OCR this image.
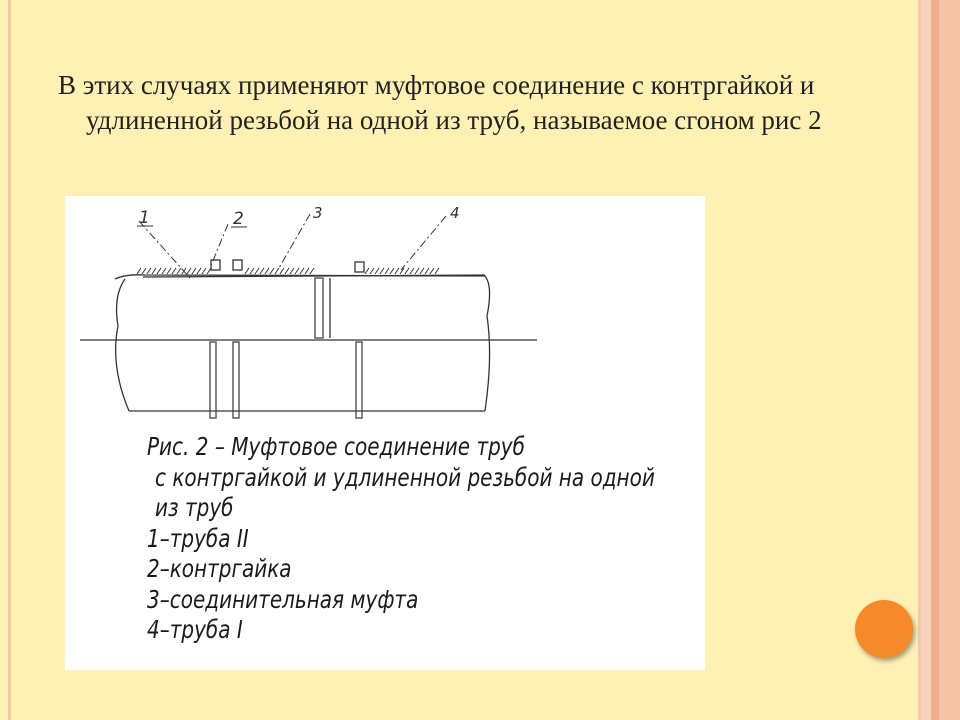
В этих случаях применяют муфтовое соединение с контргайкой и удлиненной резьбой на одной из труб, называемое сгоном рис 2

1	2	3	4
Рис. 2 – Муфтовое соединение труб
с контргайкой и удлиненной резьбой на одной
из труб
1–труба II
2–контргайка
3–соединительная муфта
4–труба I
